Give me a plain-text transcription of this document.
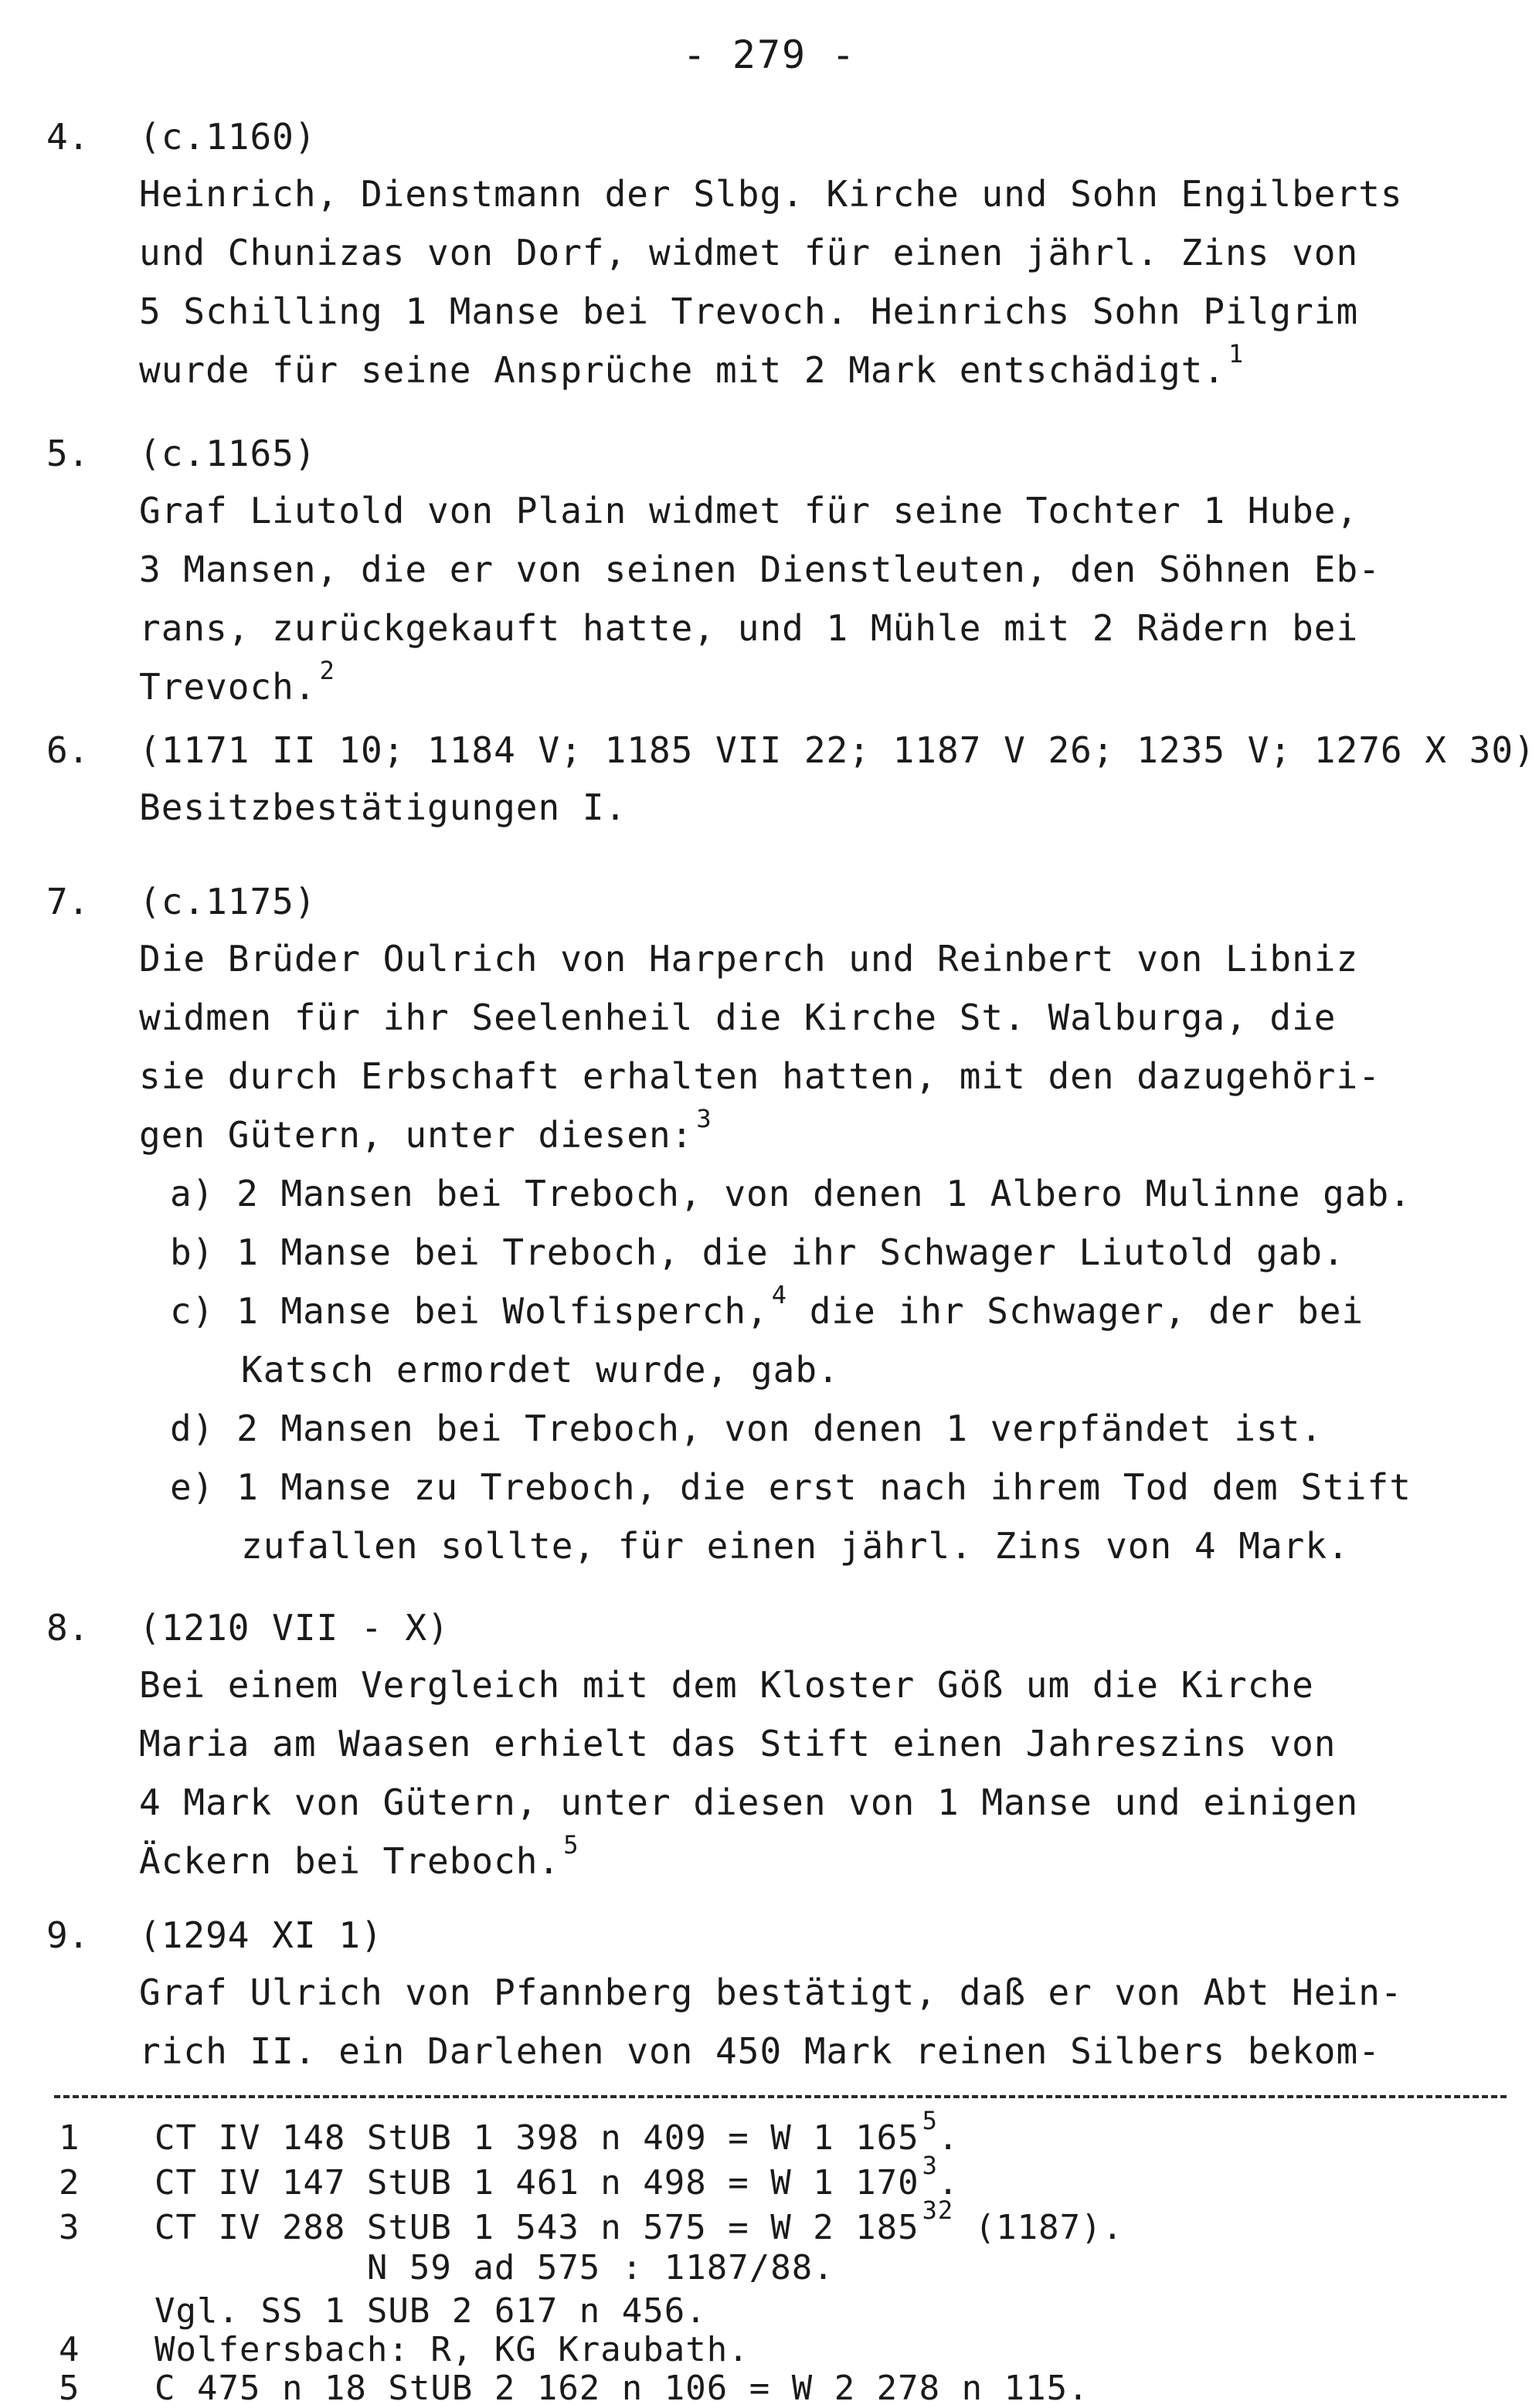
- 279 -
4. (c.1160)
Heinrich, Dienstmann der Slbg. Kirche und Sohn Engilberts
und Chunizas von Dorf, widmet für einen jährl. Zins von
5 Schilling 1 Manse bei Trevoch. Heinrichs Sohn Pilgrim
wurde für seine Ansprüche mit 2 Mark entschädigt. $^1$
5. (c.1165)
Graf Liutold von Plain widmet für seine Tochter 1 Hube,
3 Mansen, die er von seinen Dienstleuten, den Söhnen Eb-
rans, zurückgekauft hatte, und 1 Mühle mit 2 Rädern bei
Trevoch. $^2$
6. (1171 II 10; 1184 V; 1185 VII 22; 1187 V 26; 1235 V; 1276 X 30)
Besitzbestätigungen I.
7. (c.1175)
Die Brüder Oulrich von Harperch und Reinbert von Libniz
widmen für ihr Seelenheil die Kirche St. Walburga, die
sie durch Erbschaft erhalten hatten, mit den dazugehöri-
gen Gütern, unter diesen: $^3$
a) 2 Mansen bei Treboch, von denen 1 Albero Mulinne gab.
b) 1 Manse bei Treboch, die ihr Schwager Liutold gab.
c) 1 Manse bei Wolfisperch, $^4$ die ihr Schwager, der bei
Katsch ermordet wurde, gab.
d) 2 Mansen bei Treboch, von denen 1 verpfändet ist.
e) 1 Manse zu Treboch, die erst nach ihrem Tod dem Stift
zufallen sollte, für einen jährl. Zins von 4 Mark.
8. (1210 VII - X)
Bei einem Vergleich mit dem Kloster Göß um die Kirche
Maria am Waasen erhielt das Stift einen Jahreszins von
4 Mark von Gütern, unter diesen von 1 Manse und einigen
Äckern bei Treboch. $^5$
9. (1294 XI 1)
Graf Ulrich von Pfannberg bestätigt, daß er von Abt Hein-
rich II. ein Darlehen von 450 Mark reinen Silbers bekom-
1 CT IV 148 StUB 1 398 n 409 = W 1 165 $^5$.
2 CT IV 147 StUB 1 461 n 498 = W 1 170 $^3$.
3 CT IV 288 StUB 1 543 n 575 = W 2 185 $^{32}$ (1187).
N 59 ad 575 : 1187/88.
Vgl. SS 1 SUB 2 617 n 456.
4 Wolfersbach: R, KG Kraubath.
5 C 475 n 18 StUB 2 162 n 106 = W 2 278 n 115.
